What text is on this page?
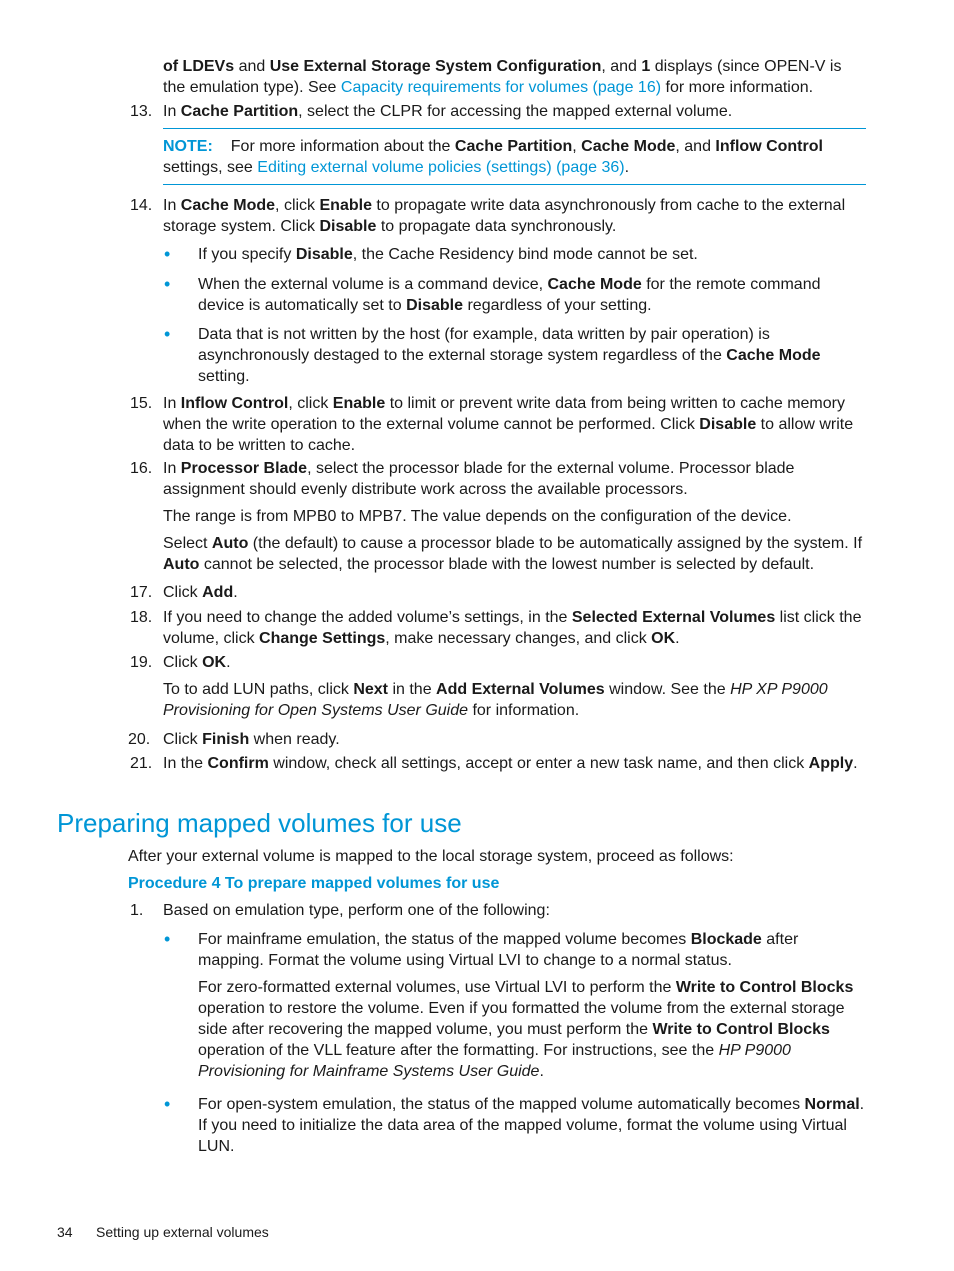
of LDEVs and Use External Storage System Configuration, and 1 displays (since OPEN-V is the emulation type). See Capacity requirements for volumes (page 16) for more information.
13. In Cache Partition, select the CLPR for accessing the mapped external volume.
NOTE: For more information about the Cache Partition, Cache Mode, and Inflow Control settings, see Editing external volume policies (settings) (page 36).
14. In Cache Mode, click Enable to propagate write data asynchronously from cache to the external storage system. Click Disable to propagate data synchronously.
• If you specify Disable, the Cache Residency bind mode cannot be set.
• When the external volume is a command device, Cache Mode for the remote command device is automatically set to Disable regardless of your setting.
• Data that is not written by the host (for example, data written by pair operation) is asynchronously destaged to the external storage system regardless of the Cache Mode setting.
15. In Inflow Control, click Enable to limit or prevent write data from being written to cache memory when the write operation to the external volume cannot be performed. Click Disable to allow write data to be written to cache.
16. In Processor Blade, select the processor blade for the external volume. Processor blade assignment should evenly distribute work across the available processors.
The range is from MPB0 to MPB7. The value depends on the configuration of the device.
Select Auto (the default) to cause a processor blade to be automatically assigned by the system. If Auto cannot be selected, the processor blade with the lowest number is selected by default.
17. Click Add.
18. If you need to change the added volume’s settings, in the Selected External Volumes list click the volume, click Change Settings, make necessary changes, and click OK.
19. Click OK.
To to add LUN paths, click Next in the Add External Volumes window. See the HP XP P9000 Provisioning for Open Systems User Guide for information.
20. Click Finish when ready.
21. In the Confirm window, check all settings, accept or enter a new task name, and then click Apply.
Preparing mapped volumes for use
After your external volume is mapped to the local storage system, proceed as follows:
Procedure 4 To prepare mapped volumes for use
1. Based on emulation type, perform one of the following:
• For mainframe emulation, the status of the mapped volume becomes Blockade after mapping. Format the volume using Virtual LVI to change to a normal status.
For zero-formatted external volumes, use Virtual LVI to perform the Write to Control Blocks operation to restore the volume. Even if you formatted the volume from the external storage side after recovering the mapped volume, you must perform the Write to Control Blocks operation of the VLL feature after the formatting. For instructions, see the HP P9000 Provisioning for Mainframe Systems User Guide.
• For open-system emulation, the status of the mapped volume automatically becomes Normal. If you need to initialize the data area of the mapped volume, format the volume using Virtual LUN.
34 Setting up external volumes
